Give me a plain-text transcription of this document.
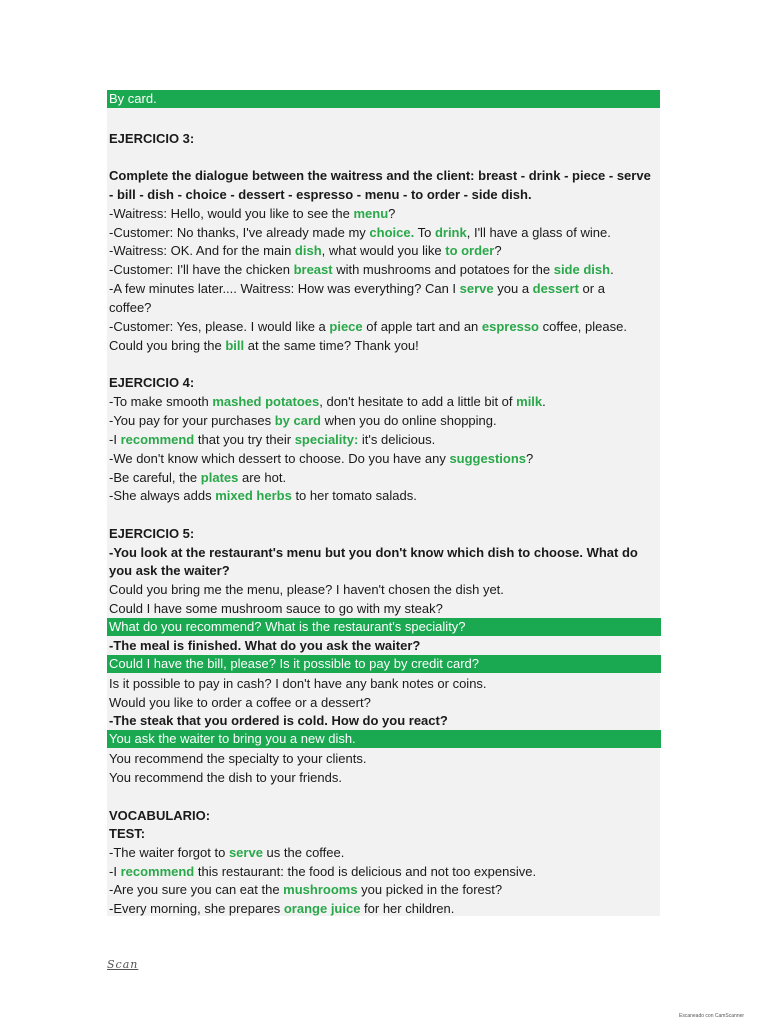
By card.
EJERCICIO 3:
Complete the dialogue between the waitress and the client: breast - drink - piece - serve
- bill - dish - choice - dessert - espresso - menu - to order - side dish.
-Waitress: Hello, would you like to see the menu?
-Customer: No thanks, I've already made my choice. To drink, I'll have a glass of wine.
-Waitress: OK. And for the main dish, what would you like to order?
-Customer: I'll have the chicken breast with mushrooms and potatoes for the side dish.
-A few minutes later.... Waitress: How was everything? Can I serve you a dessert or a
coffee?
-Customer: Yes, please. I would like a piece of apple tart and an espresso coffee, please.
Could you bring the bill at the same time? Thank you!
EJERCICIO 4:
-To make smooth mashed potatoes, don't hesitate to add a little bit of milk.
-You pay for your purchases by card when you do online shopping.
-I recommend that you try their speciality: it's delicious.
-We don't know which dessert to choose. Do you have any suggestions?
-Be careful, the plates are hot.
-She always adds mixed herbs to her tomato salads.
EJERCICIO 5:
-You look at the restaurant's menu but you don't know which dish to choose. What do
you ask the waiter?
Could you bring me the menu, please? I haven't chosen the dish yet.
Could I have some mushroom sauce to go with my steak?
What do you recommend? What is the restaurant's speciality?
-The meal is finished. What do you ask the waiter?
Could I have the bill, please? Is it possible to pay by credit card?
Is it possible to pay in cash? I don't have any bank notes or coins.
Would you like to order a coffee or a dessert?
-The steak that you ordered is cold. How do you react?
You ask the waiter to bring you a new dish.
You recommend the specialty to your clients.
You recommend the dish to your friends.
VOCABULARIO:
TEST:
-The waiter forgot to serve us the coffee.
-I recommend this restaurant: the food is delicious and not too expensive.
-Are you sure you can eat the mushrooms you picked in the forest?
-Every morning, she prepares orange juice for her children.
Scan
Escaneado con CamScanner
